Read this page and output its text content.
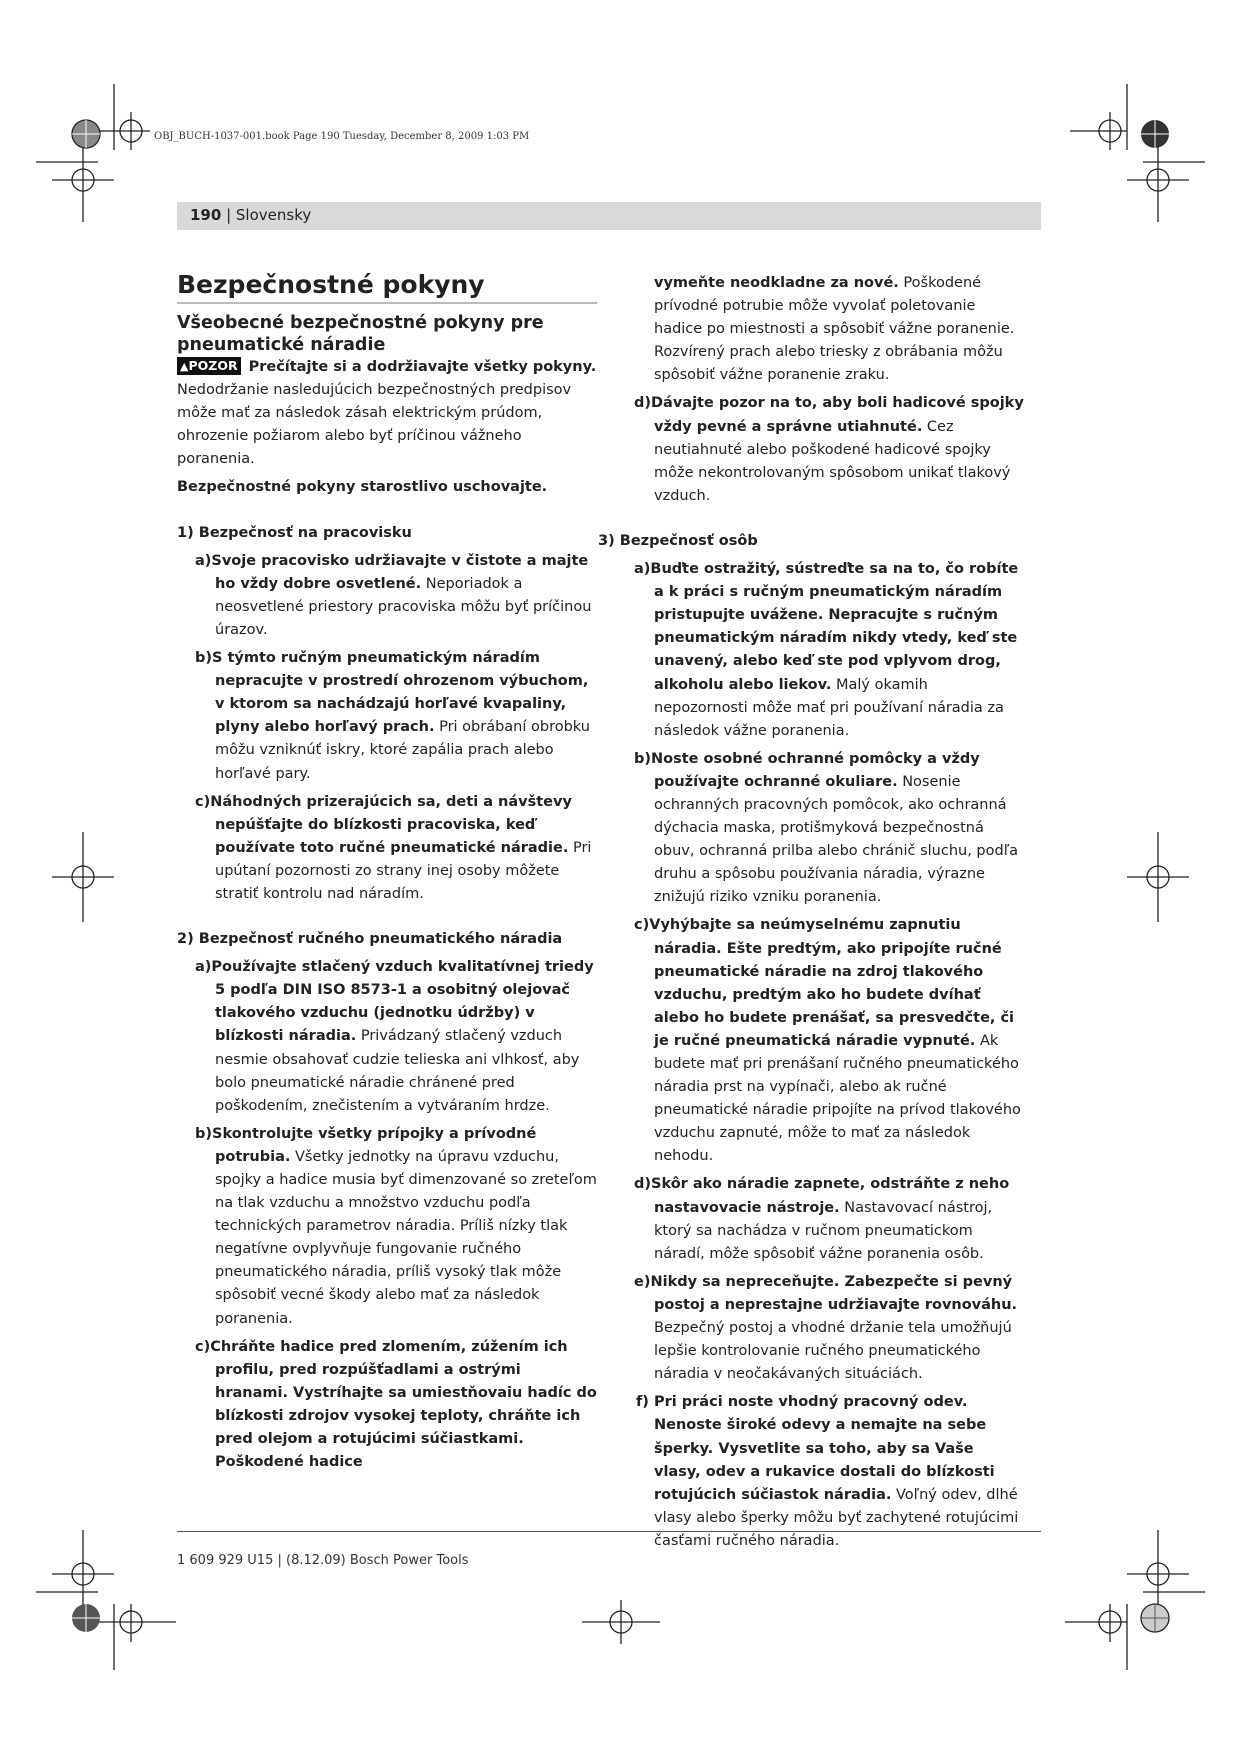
OBJ_BUCH-1037-001.book Page 190 Tuesday, December 8, 2009 1:03 PM
190 | Slovensky

Bezpečnostné pokyny

Všeobecné bezpečnostné pokyny pre pneumatické náradie

▲POZOR Prečítajte si a dodržiavajte všetky pokyny. Nedodržanie nasledujúcich bezpečnostných predpisov môže mať za následok zásah elektrickým prúdom, ohrozenie požiarom alebo byť príčinou vážneho poranenia.

Bezpečnostné pokyny starostlivo uschovajte.

1) Bezpečnosť na pracovisku

a)Svoje pracovisko udržiavajte v čistote a majte ho vždy dobre osvetlené. Neporiadok a neosvetlené priestory pracoviska môžu byť príčinou úrazov.

b)S týmto ručným pneumatickým náradím nepracujte v prostredí ohrozenom výbuchom, v ktorom sa nachádzajú horľavé kvapaliny, plyny alebo horľavý prach. Pri obrábaní obrobku môžu vzniknúť iskry, ktoré zapália prach alebo horľavé pary.

c)Náhodných prizerajúcich sa, deti a návštevy nepúšťajte do blízkosti pracoviska, keď používate toto ručné pneumatické náradie. Pri upútaní pozornosti zo strany inej osoby môžete stratiť kontrolu nad náradím.

2) Bezpečnosť ručného pneumatického náradia

a)Používajte stlačený vzduch kvalitatívnej triedy 5 podľa DIN ISO 8573-1 a osobitný olejovač tlakového vzduchu (jednotku údržby) v blízkosti náradia. Privádzaný stlačený vzduch nesmie obsahovať cudzie telieska ani vlhkosť, aby bolo pneumatické náradie chránené pred poškodením, znečistením a vytváraním hrdze.

b)Skontrolujte všetky prípojky a prívodné potrubia. Všetky jednotky na úpravu vzduchu, spojky a hadice musia byť dimenzované so zreteľom na tlak vzduchu a množstvo vzduchu podľa technických parametrov náradia. Príliš nízky tlak negatívne ovplyvňuje fungovanie ručného pneumatického náradia, príliš vysoký tlak môže spôsobiť vecné škody alebo mať za následok poranenia.

c)Chráňte hadice pred zlomením, zúžením ich profilu, pred rozpúšťadlami a ostrými hranami. Vystríhajte sa umiestňovaiu hadíc do blízkosti zdrojov vysokej teploty, chráňte ich pred olejom a rotujúcimi súčiastkami. Poškodené hadice

vymeňte neodkladne za nové. Poškodené prívodné potrubie môže vyvolať poletovanie hadice po miestnosti a spôsobiť vážne poranenie. Rozvírený prach alebo triesky z obrábania môžu spôsobiť vážne poranenie zraku.

d)Dávajte pozor na to, aby boli hadicové spojky vždy pevné a správne utiahnuté. Cez neutiahnuté alebo poškodené hadicové spojky môže nekontrolovaným spôsobom unikať tlakový vzduch.

3) Bezpečnosť osôb

a)Buďte ostražitý, sústreďte sa na to, čo robíte a k práci s ručným pneumatickým náradím pristupujte uvážene. Nepracujte s ručným pneumatickým náradím nikdy vtedy, keď ste unavený, alebo keď ste pod vplyvom drog, alkoholu alebo liekov. Malý okamih nepozornosti môže mať pri používaní náradia za následok vážne poranenia.

b)Noste osobné ochranné pomôcky a vždy používajte ochranné okuliare. Nosenie ochranných pracovných pomôcok, ako ochranná dýchacia maska, protišmyková bezpečnostná obuv, ochranná prilba alebo chránič sluchu, podľa druhu a spôsobu používania náradia, výrazne znižujú riziko vzniku poranenia.

c)Vyhýbajte sa neúmyselnému zapnutiu náradia. Ešte predtým, ako pripojíte ručné pneumatické náradie na zdroj tlakového vzduchu, predtým ako ho budete dvíhať alebo ho budete prenášať, sa presvedčte, či je ručné pneumatická náradie vypnuté. Ak budete mať pri prenášaní ručného pneumatického náradia prst na vypínači, alebo ak ručné pneumatické náradie pripojíte na prívod tlakového vzduchu zapnuté, môže to mať za následok nehodu.

d)Skôr ako náradie zapnete, odstráňte z neho nastavovacie nástroje. Nastavovací nástroj, ktorý sa nachádza v ručnom pneumatickom náradí, môže spôsobiť vážne poranenia osôb.

e)Nikdy sa nepreceňujte. Zabezpečte si pevný postoj a neprestajne udržiavajte rovnováhu. Bezpečný postoj a vhodné držanie tela umožňujú lepšie kontrolovanie ručného pneumatického náradia v neočakávaných situáciách.

f) Pri práci noste vhodný pracovný odev. Nenoste široké odevy a nemajte na sebe šperky. Vysvetlite sa toho, aby sa Vaše vlasy, odev a rukavice dostali do blízkosti rotujúcich súčiastok náradia. Voľný odev, dlhé vlasy alebo šperky môžu byť zachytené rotujúcimi časťami ručného náradia.

1 609 929 U15 | (8.12.09) Bosch Power Tools
